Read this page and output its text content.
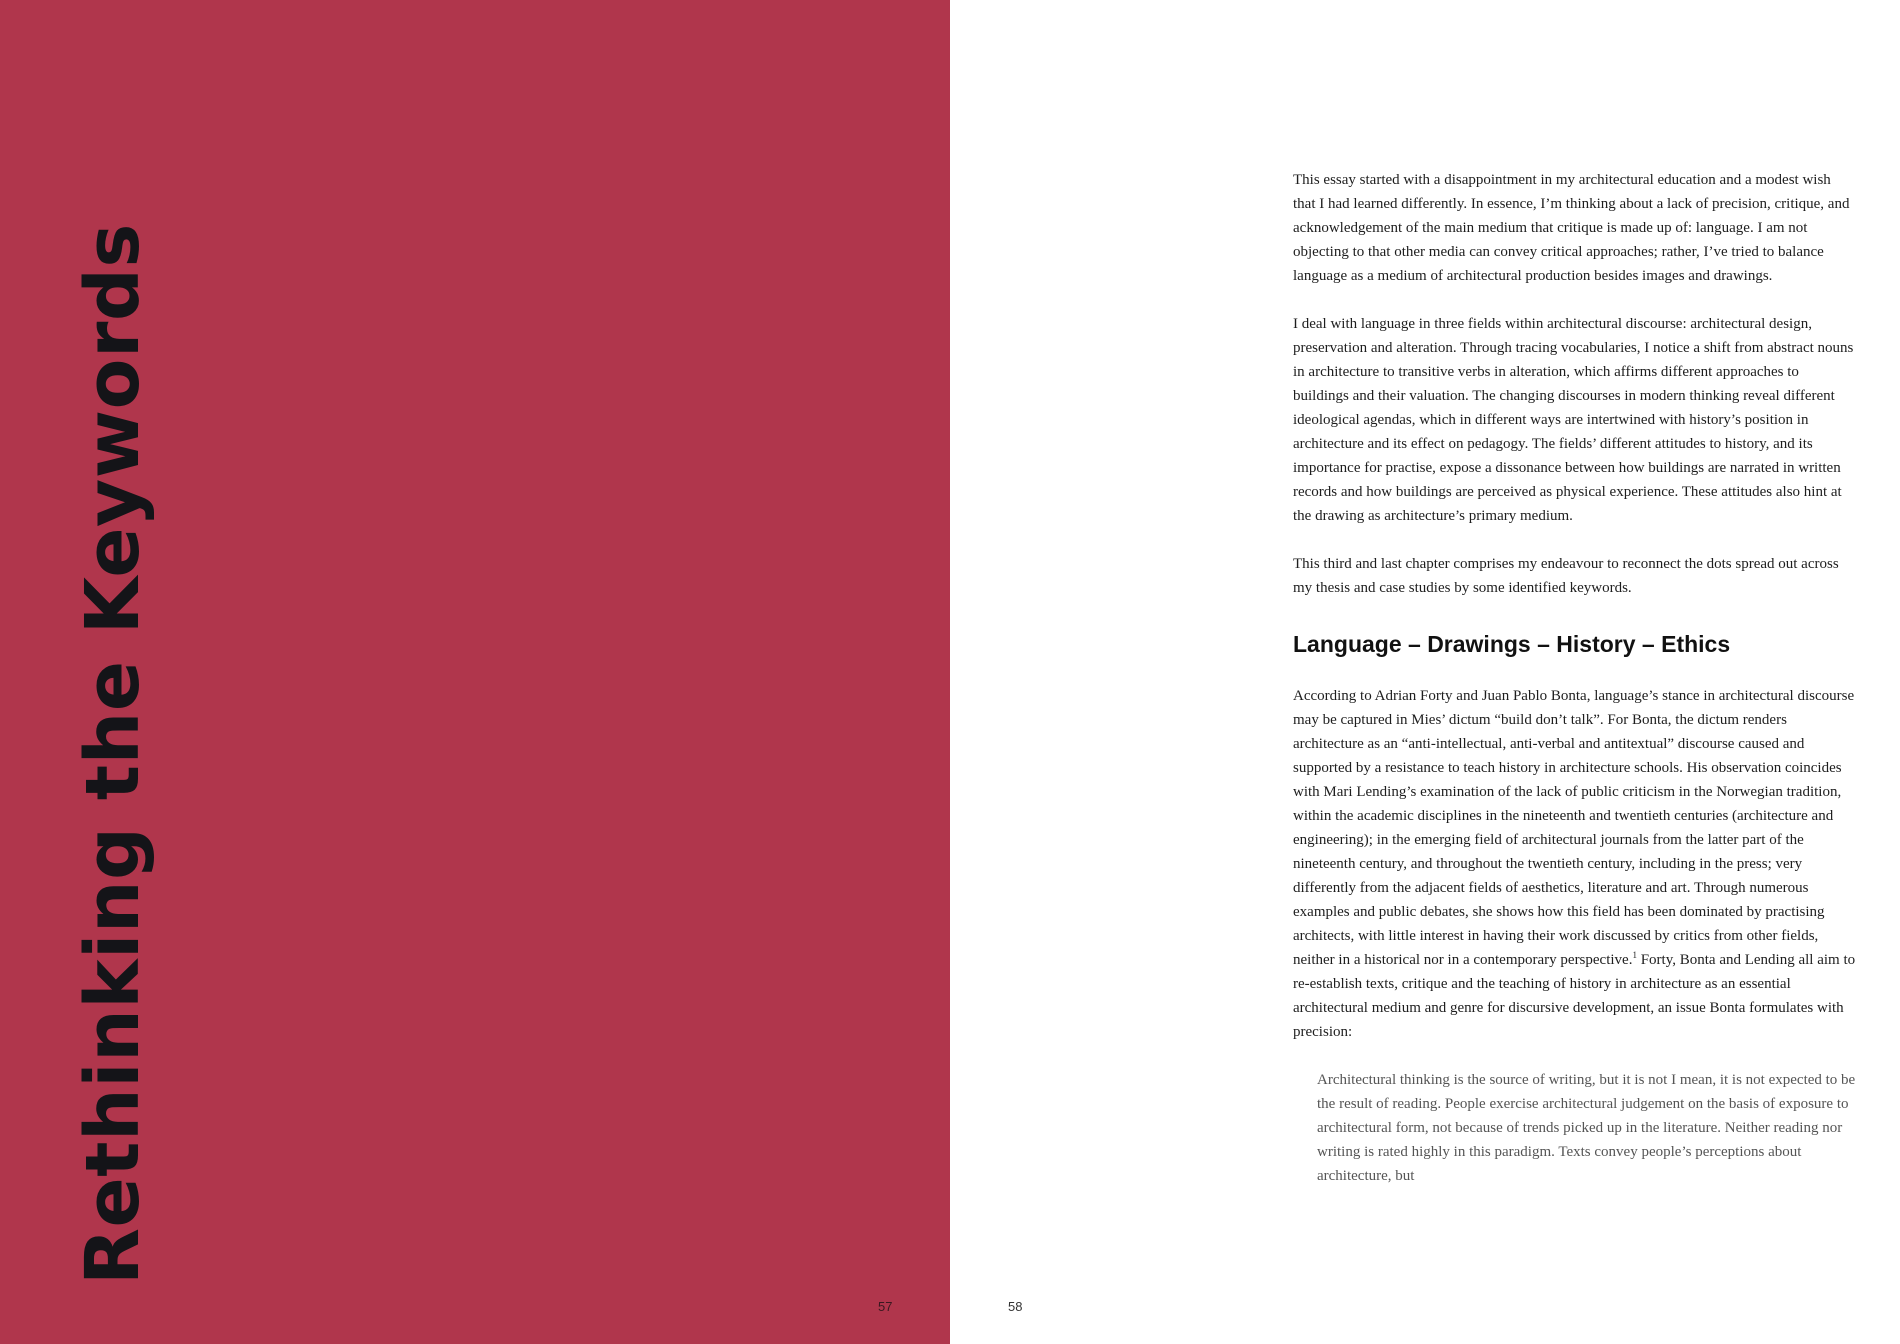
Rethinking the Keywords
57	58

This essay started with a disappointment in my architectural education and a modest wish that I had learned differently. In essence, I’m thinking about a lack of precision, critique, and acknowledgement of the main medium that critique is made up of: language. I am not objecting to that other media can convey critical approaches; rather, I’ve tried to balance language as a medium of architectural production besides images and drawings.

I deal with language in three fields within architectural discourse: architectural design, preservation and alteration. Through tracing vocabularies, I notice a shift from abstract nouns in architecture to transitive verbs in alteration, which affirms different approaches to buildings and their valuation. The changing discourses in modern thinking reveal different ideological agendas, which in different ways are intertwined with history’s position in architecture and its effect on pedagogy. The fields’ different attitudes to history, and its importance for practise, expose a dissonance between how buildings are narrated in written records and how buildings are perceived as physical experience. These attitudes also hint at the drawing as architecture’s primary medium.

This third and last chapter comprises my endeavour to reconnect the dots spread out across my thesis and case studies by some identified keywords.

Language – Drawings – History – Ethics

According to Adrian Forty and Juan Pablo Bonta, language’s stance in architectural discourse may be captured in Mies’ dictum “build don’t talk”. For Bonta, the dictum renders architecture as an “anti-intellectual, anti-verbal and antitextual” discourse caused and supported by a resistance to teach history in architecture schools. His observation coincides with Mari Lending’s examination of the lack of public criticism in the Norwegian tradition, within the academic disciplines in the nineteenth and twentieth centuries (architecture and engineering); in the emerging field of architectural journals from the latter part of the nineteenth century, and throughout the twentieth century, including in the press; very differently from the adjacent fields of aesthetics, literature and art. Through numerous examples and public debates, she shows how this field has been dominated by practising architects, with little interest in having their work discussed by critics from other fields, neither in a historical nor in a contemporary perspective.$^1$ Forty, Bonta and Lending all aim to re-establish texts, critique and the teaching of history in architecture as an essential architectural medium and genre for discursive development, an issue Bonta formulates with precision:

Architectural thinking is the source of writing, but it is not I mean, it is not expected to be the result of reading. People exercise architectural judgement on the basis of exposure to architectural form, not because of trends picked up in the literature. Neither reading nor writing is rated highly in this paradigm. Texts convey people’s perceptions about architecture, but
